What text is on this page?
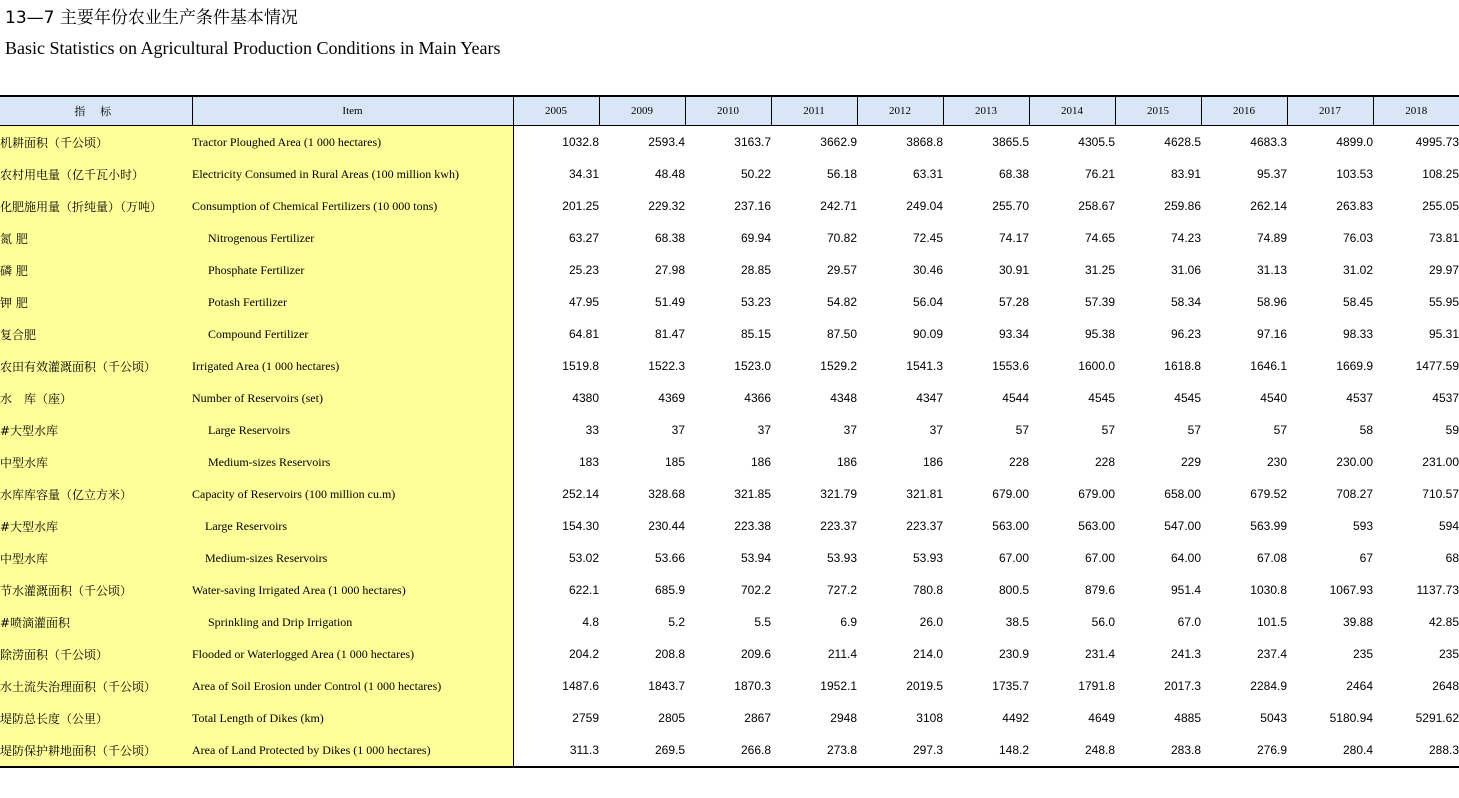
13—7 主要年份农业生产条件基本情况
Basic Statistics on Agricultural Production Conditions in Main Years
指 标	Item	2005	2009	2010	2011	2012	2013	2014	2015	2016	2017	2018
机耕面积（千公顷）	Tractor Ploughed Area (1 000 hectares)	1032.8	2593.4	3163.7	3662.9	3868.8	3865.5	4305.5	4628.5	4683.3	4899.0	4995.73
农村用电量（亿千瓦小时）	Electricity Consumed in Rural Areas (100 million kwh)	34.31	48.48	50.22	56.18	63.31	68.38	76.21	83.91	95.37	103.53	108.25
化肥施用量（折纯量）（万吨）	Consumption of Chemical Fertilizers (10 000 tons)	201.25	229.32	237.16	242.71	249.04	255.70	258.67	259.86	262.14	263.83	255.05
氮 肥	Nitrogenous Fertilizer	63.27	68.38	69.94	70.82	72.45	74.17	74.65	74.23	74.89	76.03	73.81
磷 肥	Phosphate Fertilizer	25.23	27.98	28.85	29.57	30.46	30.91	31.25	31.06	31.13	31.02	29.97
钾 肥	Potash Fertilizer	47.95	51.49	53.23	54.82	56.04	57.28	57.39	58.34	58.96	58.45	55.95
复合肥	Compound Fertilizer	64.81	81.47	85.15	87.50	90.09	93.34	95.38	96.23	97.16	98.33	95.31
农田有效灌溉面积（千公顷）	Irrigated Area (1 000 hectares)	1519.8	1522.3	1523.0	1529.2	1541.3	1553.6	1600.0	1618.8	1646.1	1669.9	1477.59
水　库（座）	Number of Reservoirs (set)	4380	4369	4366	4348	4347	4544	4545	4545	4540	4537	4537
#大型水库	Large Reservoirs	33	37	37	37	37	57	57	57	57	58	59
中型水库	Medium-sizes Reservoirs	183	185	186	186	186	228	228	229	230	230.00	231.00
水库库容量（亿立方米）	Capacity of Reservoirs (100 million cu.m)	252.14	328.68	321.85	321.79	321.81	679.00	679.00	658.00	679.52	708.27	710.57
#大型水库	Large Reservoirs	154.30	230.44	223.38	223.37	223.37	563.00	563.00	547.00	563.99	593	594
中型水库	Medium-sizes Reservoirs	53.02	53.66	53.94	53.93	53.93	67.00	67.00	64.00	67.08	67	68
节水灌溉面积（千公顷）	Water-saving Irrigated Area (1 000 hectares)	622.1	685.9	702.2	727.2	780.8	800.5	879.6	951.4	1030.8	1067.93	1137.73
#喷滴灌面积	Sprinkling and Drip Irrigation	4.8	5.2	5.5	6.9	26.0	38.5	56.0	67.0	101.5	39.88	42.85
除涝面积（千公顷）	Flooded or Waterlogged Area (1 000 hectares)	204.2	208.8	209.6	211.4	214.0	230.9	231.4	241.3	237.4	235	235
水土流失治理面积（千公顷）	Area of Soil Erosion under Control (1 000 hectares)	1487.6	1843.7	1870.3	1952.1	2019.5	1735.7	1791.8	2017.3	2284.9	2464	2648
堤防总长度（公里）	Total Length of Dikes (km)	2759	2805	2867	2948	3108	4492	4649	4885	5043	5180.94	5291.62
堤防保护耕地面积（千公顷）	Area of Land Protected by Dikes (1 000 hectares)	311.3	269.5	266.8	273.8	297.3	148.2	248.8	283.8	276.9	280.4	288.3
